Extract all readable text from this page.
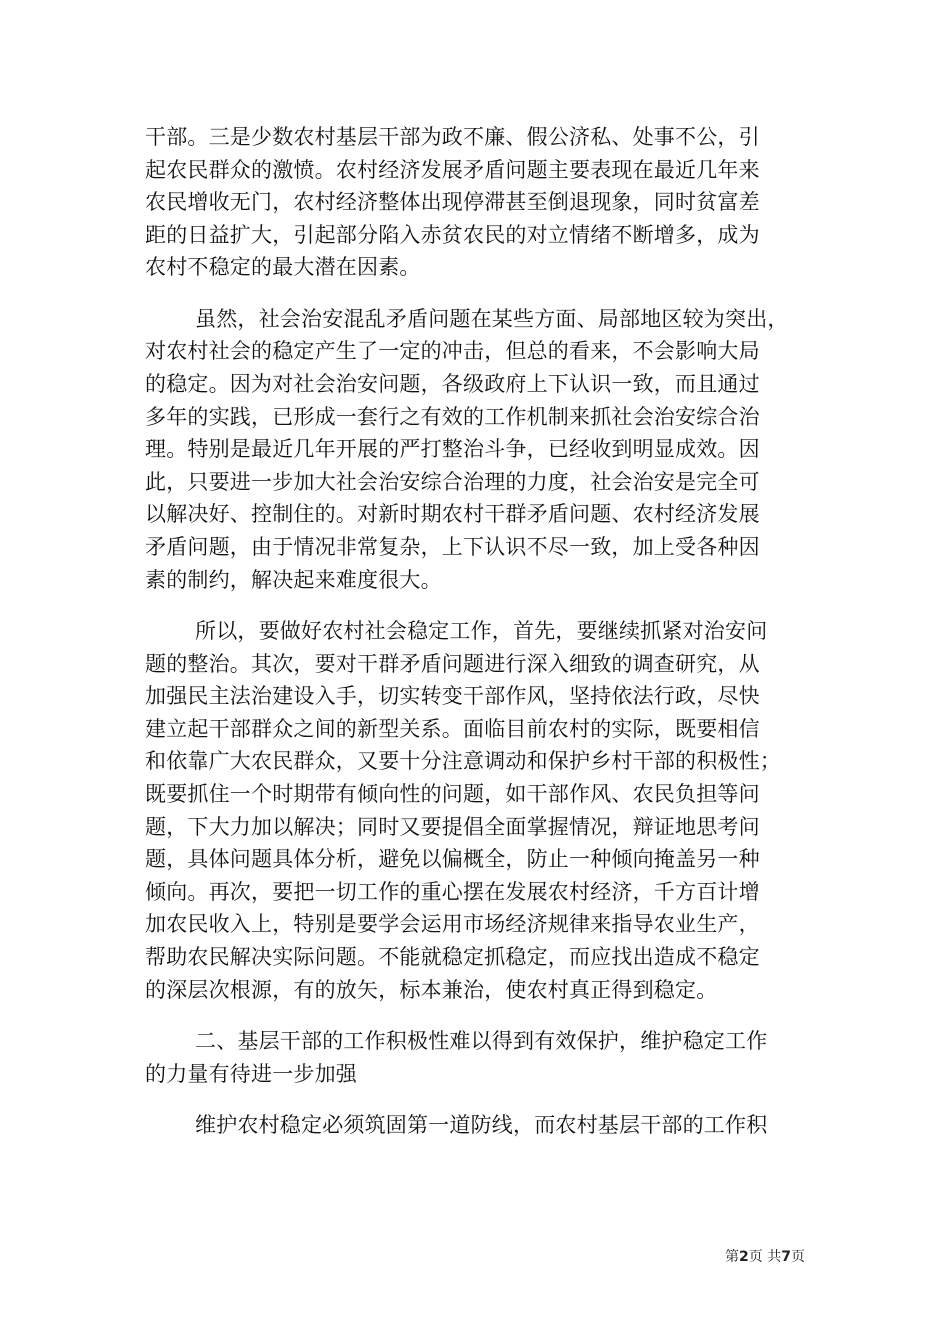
干部。三是少数农村基层干部为政不廉、假公济私、处事不公，引
起农民群众的激愤。农村经济发展矛盾问题主要表现在最近几年来
农民增收无门，农村经济整体出现停滞甚至倒退现象，同时贫富差
距的日益扩大，引起部分陷入赤贫农民的对立情绪不断增多，成为
农村不稳定的最大潜在因素。
虽然，社会治安混乱矛盾问题在某些方面、局部地区较为突出，
对农村社会的稳定产生了一定的冲击，但总的看来，不会影响大局
的稳定。因为对社会治安问题，各级政府上下认识一致，而且通过
多年的实践，已形成一套行之有效的工作机制来抓社会治安综合治
理。特别是最近几年开展的严打整治斗争，已经收到明显成效。因
此，只要进一步加大社会治安综合治理的力度，社会治安是完全可
以解决好、控制住的。对新时期农村干群矛盾问题、农村经济发展
矛盾问题，由于情况非常复杂，上下认识不尽一致，加上受各种因
素的制约，解决起来难度很大。
所以，要做好农村社会稳定工作，首先，要继续抓紧对治安问
题的整治。其次，要对干群矛盾问题进行深入细致的调查研究，从
加强民主法治建设入手，切实转变干部作风，坚持依法行政，尽快
建立起干部群众之间的新型关系。面临目前农村的实际，既要相信
和依靠广大农民群众，又要十分注意调动和保护乡村干部的积极性；
既要抓住一个时期带有倾向性的问题，如干部作风、农民负担等问
题，下大力加以解决；同时又要提倡全面掌握情况，辩证地思考问
题，具体问题具体分析，避免以偏概全，防止一种倾向掩盖另一种
倾向。再次，要把一切工作的重心摆在发展农村经济，千方百计增
加农民收入上，特别是要学会运用市场经济规律来指导农业生产，
帮助农民解决实际问题。不能就稳定抓稳定，而应找出造成不稳定
的深层次根源，有的放矢，标本兼治，使农村真正得到稳定。
二、基层干部的工作积极性难以得到有效保护，维护稳定工作
的力量有待进一步加强
维护农村稳定必须筑固第一道防线，而农村基层干部的工作积
第2页 共7页
